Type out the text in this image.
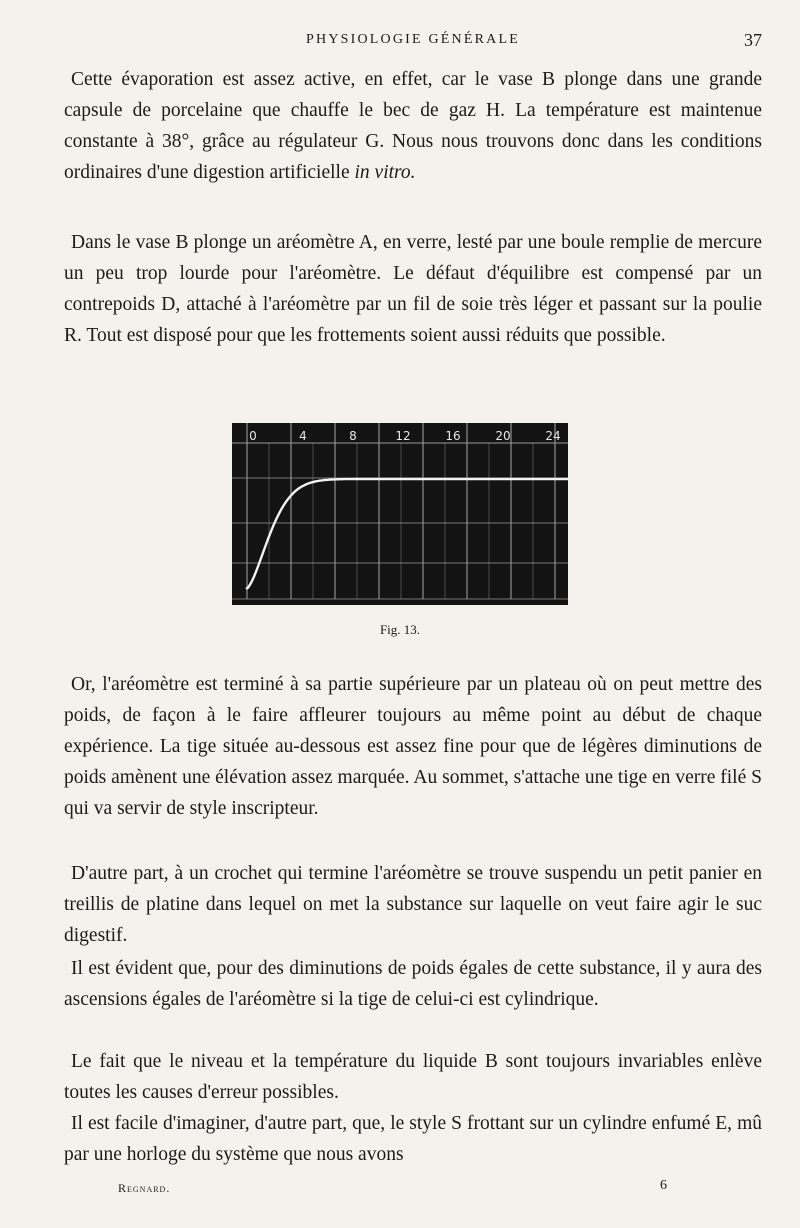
PHYSIOLOGIE GÉNÉRALE	37

Cette évaporation est assez active, en effet, car le vase B plonge dans une grande capsule de porcelaine que chauffe le bec de gaz H. La température est maintenue constante à 38°, grâce au régulateur G. Nous nous trouvons donc dans les conditions ordinaires d'une digestion artificielle in vitro.

Dans le vase B plonge un aréomètre A, en verre, lesté par une boule remplie de mercure un peu trop lourde pour l'aréomètre. Le défaut d'équilibre est compensé par un contrepoids D, attaché à l'aréomètre par un fil de soie très léger et passant sur la poulie R. Tout est disposé pour que les frottements soient aussi réduits que possible.

0	4	8	12	16	20	24
Fig. 13.

Or, l'aréomètre est terminé à sa partie supérieure par un plateau où on peut mettre des poids, de façon à le faire affleurer toujours au même point au début de chaque expérience. La tige située au-dessous est assez fine pour que de légères diminutions de poids amènent une élévation assez marquée. Au sommet, s'attache une tige en verre filé S qui va servir de style inscripteur.

D'autre part, à un crochet qui termine l'aréomètre se trouve suspendu un petit panier en treillis de platine dans lequel on met la substance sur laquelle on veut faire agir le suc digestif.

Il est évident que, pour des diminutions de poids égales de cette substance, il y aura des ascensions égales de l'aréomètre si la tige de celui-ci est cylindrique.

Le fait que le niveau et la température du liquide B sont toujours invariables enlève toutes les causes d'erreur possibles.

Il est facile d'imaginer, d'autre part, que, le style S frottant sur un cylindre enfumé E, mû par une horloge du système que nous avons

Regnard.	6
